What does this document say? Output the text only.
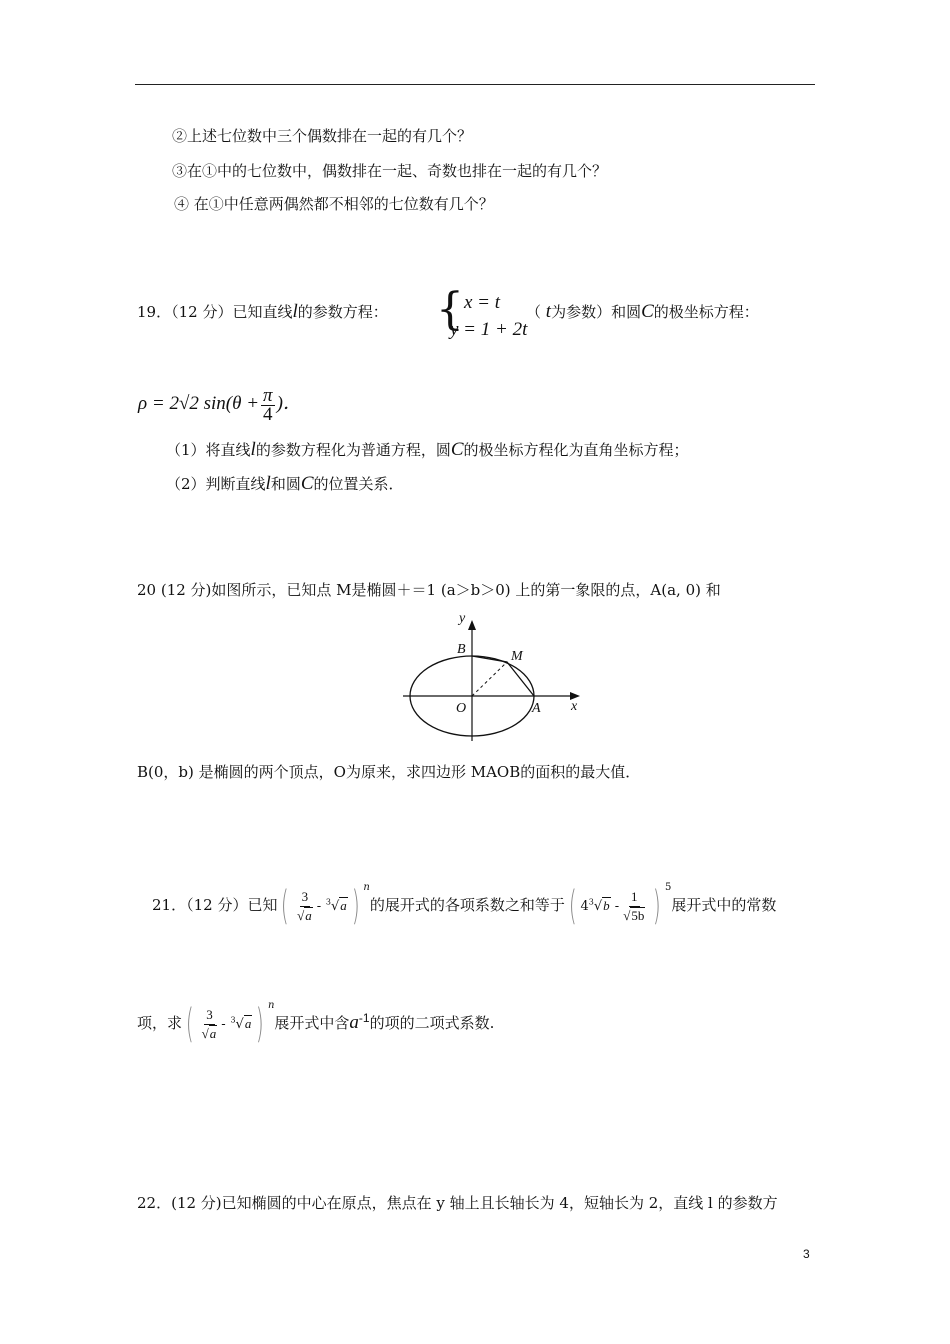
②上述七位数中三个偶数排在一起的有几个？
③在①中的七位数中，偶数排在一起、奇数也排在一起的有几个？
④ 在①中任意两偶然都不相邻的七位数有几个？
19．（12 分）已知直线l的参数方程： { x = t
y = 1 + 2t
（ t为参数）和圆C的极坐标方程：
ρ = 2√2 $\sin(\theta + \frac{\pi}{4}$ )．
（1）将直线l的参数方程化为普通方程，圆C的极坐标方程化为直角坐标方程；
（2）判断直线l和圆C的位置关系．
20 (12 分)如图所示，已知点 M是椭圆＋＝1 (a＞b＞0) 上的第一象限的点，A(a, 0) 和
y
x
B	M
O	A
B(0，b) 是椭圆的两个顶点，O为原来，求四边形 MAOB的面积的最大值．
21．（12 分）已知( $\frac{3}{√a} - ^3√a$ ) $^n$的展开式的各项系数之和等于( $4^3√b - \frac{1}{√5b}$ ) $^5$展开式中的常数
项，求( $\frac{3}{√a} - ^3√a$ ) $^n$展开式中含$a^{-1}$的项的二项式系数.
22．(12 分)已知椭圆的中心在原点，焦点在 y 轴上且长轴长为 4，短轴长为 2，直线 l 的参数方
3
